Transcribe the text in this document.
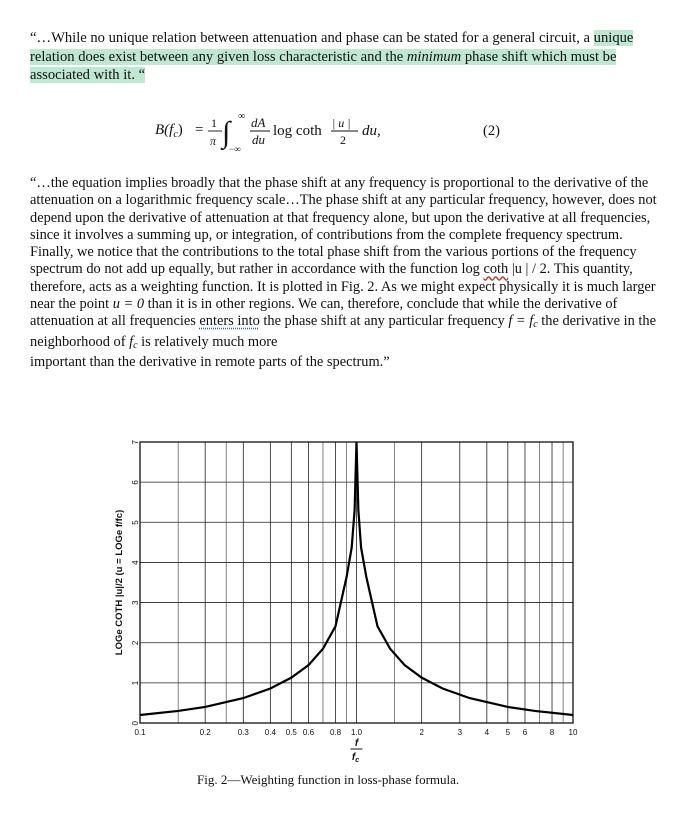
“…While no unique relation between attenuation and phase can be stated for a general circuit, a unique relation does exist between any given loss characteristic and the minimum phase shift which must be associated with it. “
$B(f_c) = 1$
π ∫ ∞
−∞
dA
du
log coth | u |
2
du,	(2)
“…the equation implies broadly that the phase shift at any frequency is proportional to the derivative of the attenuation on a logarithmic frequency scale…The phase shift at any particular frequency, however, does not depend upon the derivative of attenuation at that frequency alone, but upon the derivative at all frequencies, since it involves a summing up, or integration, of contributions from the complete frequency spectrum. Finally, we notice that the contributions to the total phase shift from the various portions of the frequency spectrum do not add up equally, but rather in accordance with the function log coth |u | / 2. This quantity, therefore, acts as a weighting function. It is plotted in Fig. 2. As we might expect physically it is much larger near the point u = 0 than it is in other regions. We can, therefore, conclude that while the derivative of attenuation at all frequencies enters into the phase shift at any particular frequency $f = f_c$ the derivative in the neighborhood of $f_c$ is relatively much more
important than the derivative in remote parts of the spectrum.”
0
1
2
3
4
5
6
7
0.1	0.2	0.3 0.4 0.5 0.6 0.8 1.0	2	3	4 5 6	8 10
LOGe COTH |u|/2 (u = LOGe f/fc)
f
$f_c$
Fig. 2—Weighting function in loss-phase formula.
